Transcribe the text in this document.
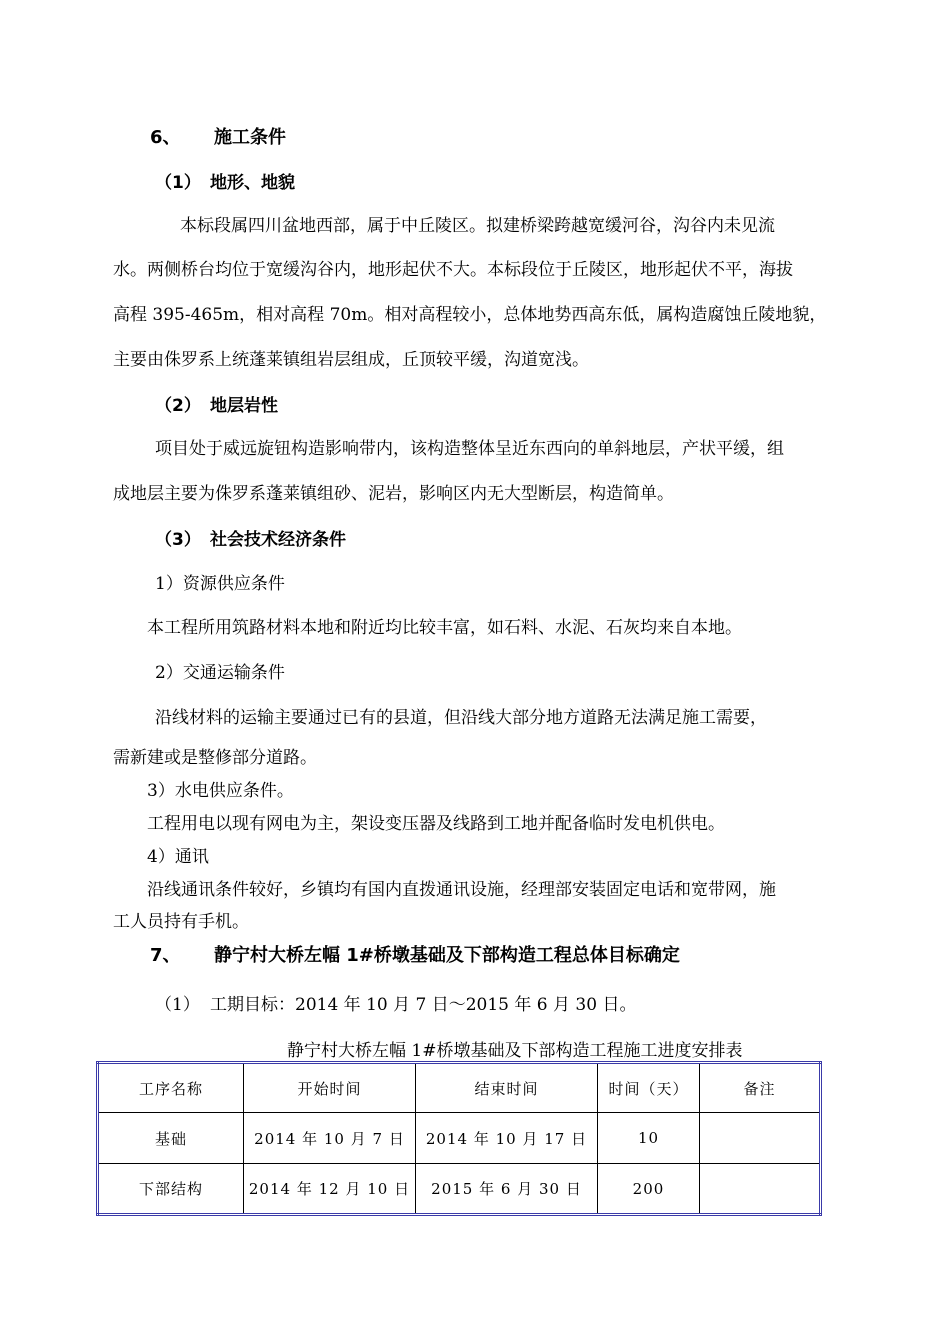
6、 施工条件
（1） 地形、地貌
本标段属四川盆地西部，属于中丘陵区。拟建桥梁跨越宽缓河谷，沟谷内未见流
水。两侧桥台均位于宽缓沟谷内，地形起伏不大。本标段位于丘陵区，地形起伏不平，海拔
高程 395-465m，相对高程 70m。相对高程较小，总体地势西高东低，属构造腐蚀丘陵地貌，
主要由侏罗系上统蓬莱镇组岩层组成，丘顶较平缓，沟道宽浅。
（2） 地层岩性
项目处于威远旋钮构造影响带内，该构造整体呈近东西向的单斜地层，产状平缓，组
成地层主要为侏罗系蓬莱镇组砂、泥岩，影响区内无大型断层，构造简单。
（3） 社会技术经济条件
1）资源供应条件
本工程所用筑路材料本地和附近均比较丰富，如石料、水泥、石灰均来自本地。
2）交通运输条件
沿线材料的运输主要通过已有的县道，但沿线大部分地方道路无法满足施工需要，
需新建或是整修部分道路。
3）水电供应条件。
工程用电以现有网电为主，架设变压器及线路到工地并配备临时发电机供电。
4）通讯
沿线通讯条件较好，乡镇均有国内直拨通讯设施，经理部安装固定电话和宽带网，施
工人员持有手机。
7、 静宁村大桥左幅 1#桥墩基础及下部构造工程总体目标确定
（1） 工期目标：2014 年 10 月 7 日～2015 年 6 月 30 日。
静宁村大桥左幅 1#桥墩基础及下部构造工程施工进度安排表
工序名称	开始时间	结束时间	时间（天）	备注
基础	2014 年 10 月 7 日	2014 年 10 月 17 日	10	
下部结构	2014 年 12 月 10 日	2015 年 6 月 30 日	200	
